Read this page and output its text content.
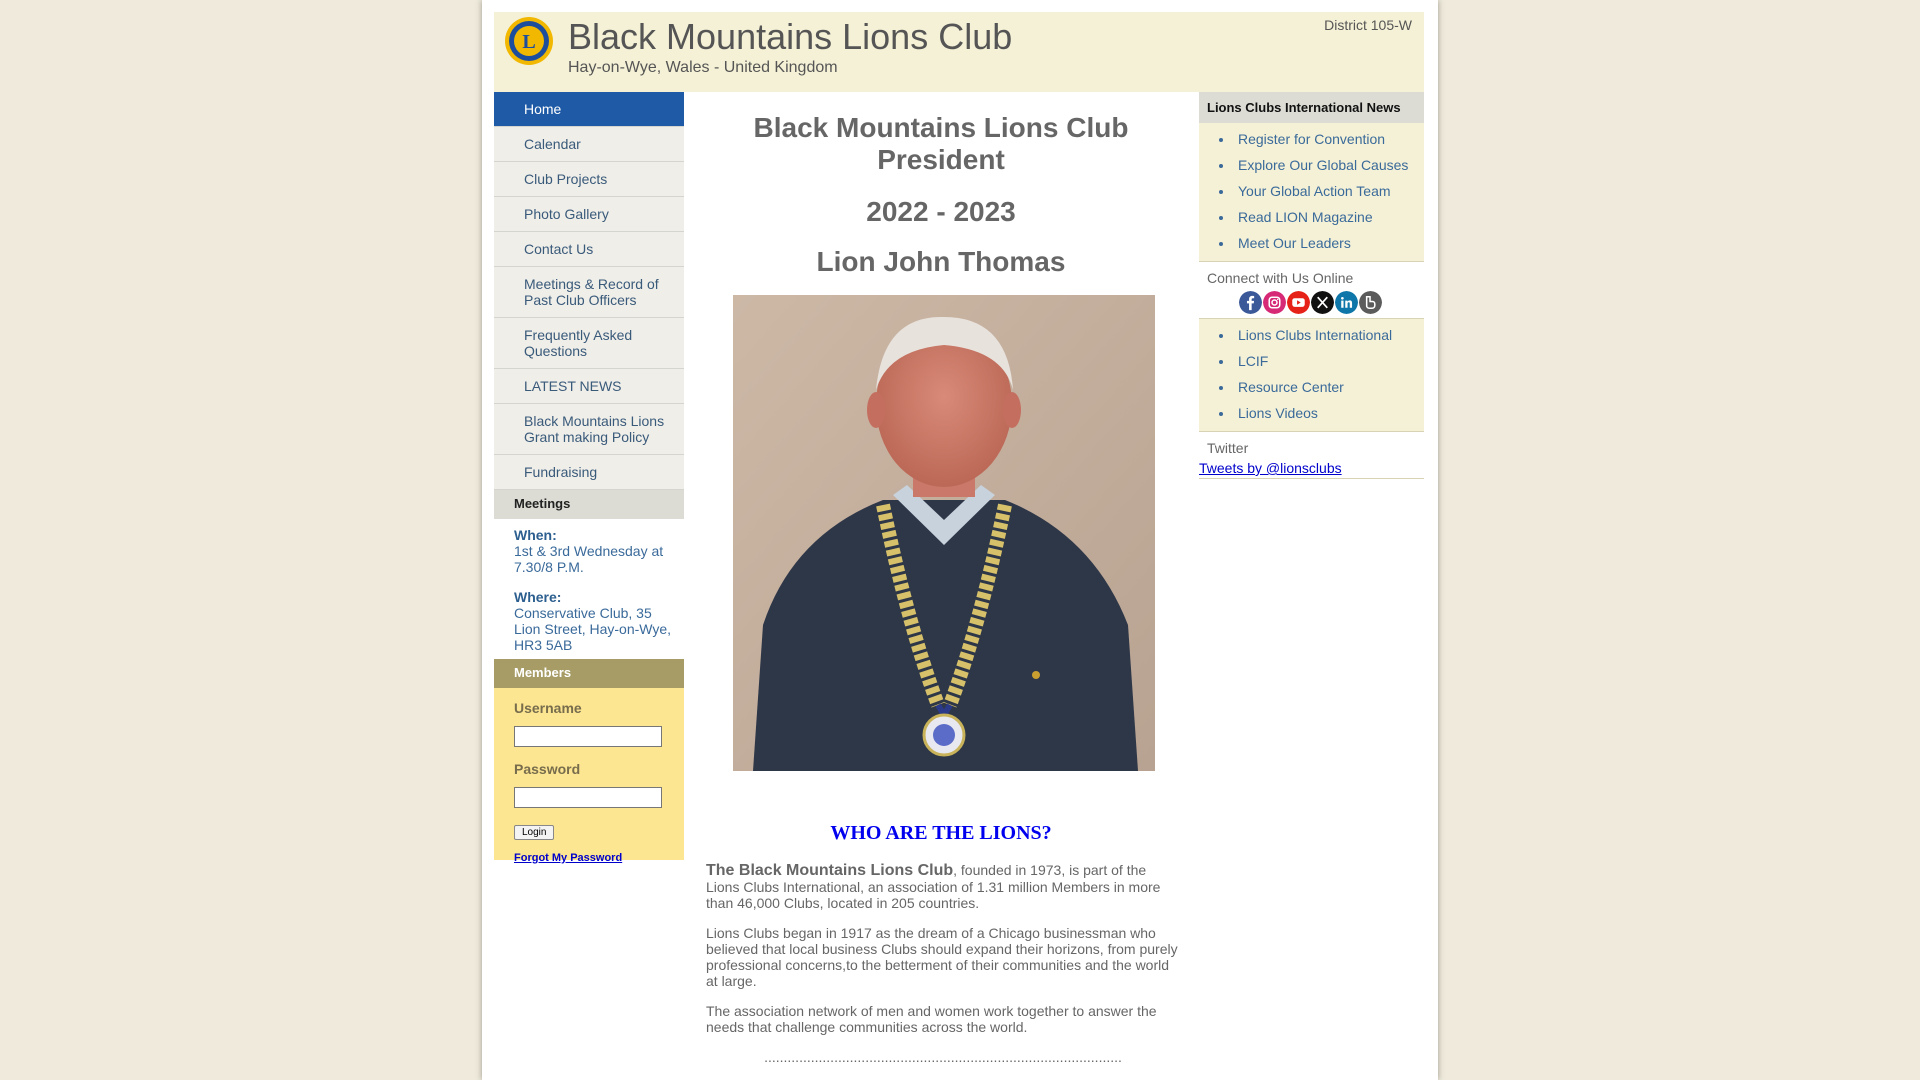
L Black Mountains Lions Club
Hay-on-Wye, Wales - United Kingdom
District 105-W
Home
Calendar
Club Projects
Photo Gallery
Contact Us
Meetings & Record of Past Club Officers
Frequently Asked Questions
LATEST NEWS
Black Mountains Lions Grant making Policy
Fundraising
Meetings
When:
1st & 3rd Wednesday at 7.30/8 P.M.
Where:
Conservative Club, 35 Lion Street, Hay-on-Wye, HR3 5AB
Members
Username
Password
Login
Forgot My Password
Black Mountains Lions Club
President
2022 - 2023
Lion John Thomas
WHO ARE THE LIONS?

The Black Mountains Lions Club, founded in 1973, is part of the Lions Clubs International, an association of 1.31 million Members in more than 46,000 Clubs, located in 205 countries.

Lions Clubs began in 1917 as the dream of a Chicago businessman who believed that local business Clubs should expand their horizons, from purely professional concerns,to the betterment of their communities and the world at large.

The association network of men and women work together to answer the needs that challenge communities across the world.

............................................................................................

Lions Clubs International News
Register for Convention
Explore Our Global Causes
Your Global Action Team
Read LION Magazine
Meet Our Leaders
Connect with Us Online
Lions Clubs International
LCIF
Resource Center
Lions Videos
Twitter
Tweets by @lionsclubs
